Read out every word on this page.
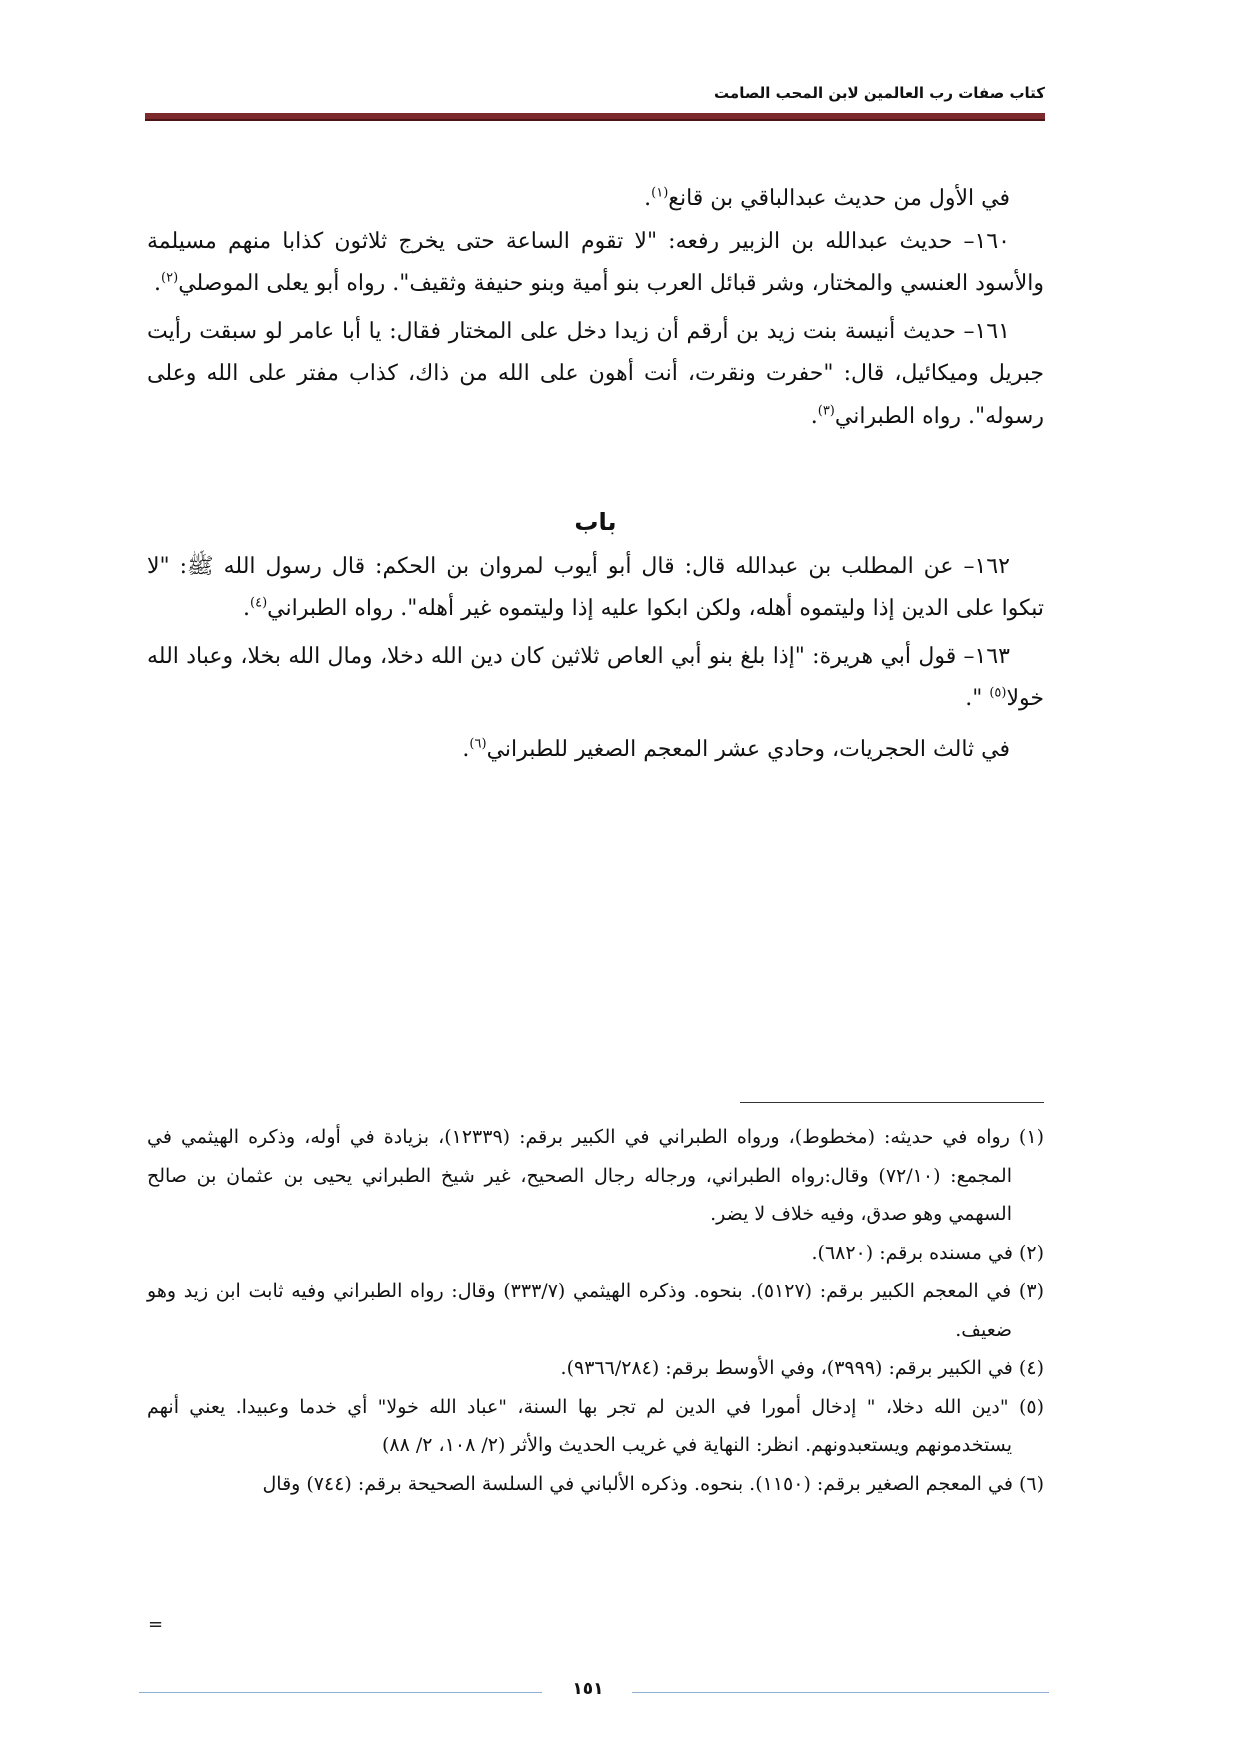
كتاب صفات رب العالمين لابن المحب الصامت

في الأول من حديث عبدالباقي بن قانع$^{(١)}$.

١٦٠– حديث عبدالله بن الزبير رفعه: "لا تقوم الساعة حتى يخرج ثلاثون كذابا منهم مسيلمة والأسود العنسي والمختار، وشر قبائل العرب بنو أمية وبنو حنيفة وثقيف". رواه أبو يعلى الموصلي$^{(٢)}$.

١٦١– حديث أنيسة بنت زيد بن أرقم أن زيدا دخل على المختار فقال: يا أبا عامر لو سبقت رأيت جبريل وميكائيل، قال: "حفرت ونقرت، أنت أهون على الله من ذاك، كذاب مفتر على الله وعلى رسوله". رواه الطبراني$^{(٣)}$.

باب

١٦٢– عن المطلب بن عبدالله قال: قال أبو أيوب لمروان بن الحكم: قال رسول الله ﷺ: "لا تبكوا على الدين إذا وليتموه أهله، ولكن ابكوا عليه إذا وليتموه غير أهله". رواه الطبراني$^{(٤)}$.

١٦٣– قول أبي هريرة: "إذا بلغ بنو أبي العاص ثلاثين كان دين الله دخلا، ومال الله بخلا، وعباد الله خولا$^{(٥)}$ ".

في ثالث الحجريات، وحادي عشر المعجم الصغير للطبراني$^{(٦)}$.

(١) رواه في حديثه: (مخطوط)، ورواه الطبراني في الكبير برقم: (١٢٣٣٩)، بزيادة في أوله، وذكره الهيثمي في المجمع: (٧٢/١٠) وقال:رواه الطبراني، ورجاله رجال الصحيح، غير شيخ الطبراني يحيى بن عثمان بن صالح السهمي وهو صدق، وفيه خلاف لا يضر.

(٢) في مسنده برقم: (٦٨٢٠).

(٣) في المعجم الكبير برقم: (٥١٢٧). بنحوه. وذكره الهيثمي (٣٣٣/٧) وقال: رواه الطبراني وفيه ثابت ابن زيد وهو ضعيف.

(٤) في الكبير برقم: (٣٩٩٩)، وفي الأوسط برقم: (٩٣٦٦/٢٨٤).

(٥) "دين الله دخلا، " إدخال أمورا في الدين لم تجر بها السنة، "عباد الله خولا" أي خدما وعبيدا. يعني أنهم يستخدمونهم ويستعبدونهم. انظر: النهاية في غريب الحديث والأثر (٢/ ١٠٨، ٢/ ٨٨)

(٦) في المعجم الصغير برقم: (١١٥٠). بنحوه. وذكره الألباني في السلسة الصحيحة برقم: (٧٤٤) وقال

=
١٥١
